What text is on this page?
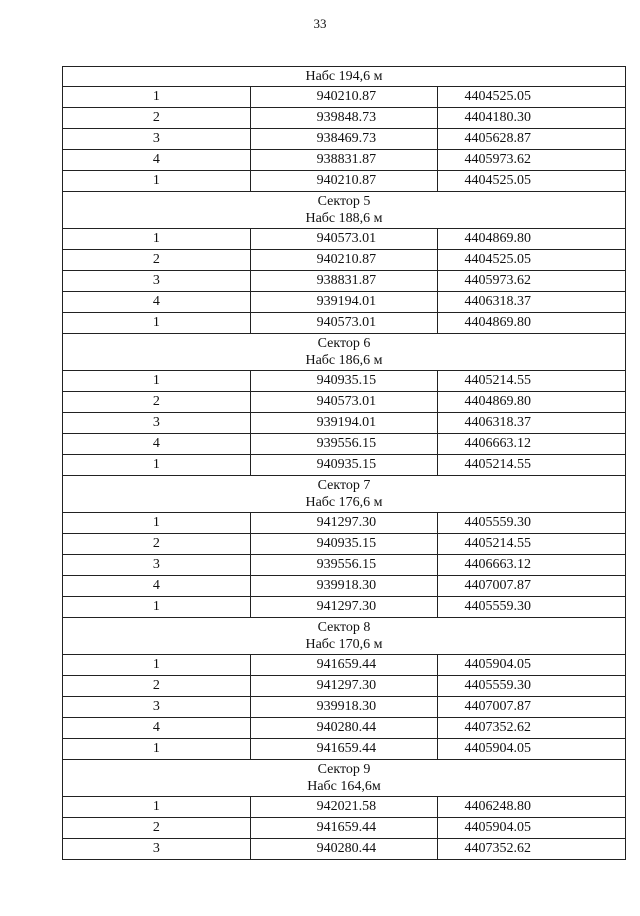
33
Набс 194,6 м		

1	940210.87	4404525.05
2	939848.73	4404180.30
3	938469.73	4405628.87
4	938831.87	4405973.62
1	940210.87	4404525.05

Сектор 5
Набс 188,6 м		

1	940573.01	4404869.80
2	940210.87	4404525.05
3	938831.87	4405973.62
4	939194.01	4406318.37
1	940573.01	4404869.80

Сектор 6
Набс 186,6 м		

1	940935.15	4405214.55
2	940573.01	4404869.80
3	939194.01	4406318.37
4	939556.15	4406663.12
1	940935.15	4405214.55

Сектор 7
Набс 176,6 м		

1	941297.30	4405559.30
2	940935.15	4405214.55
3	939556.15	4406663.12
4	939918.30	4407007.87
1	941297.30	4405559.30

Сектор 8
Набс 170,6 м		

1	941659.44	4405904.05
2	941297.30	4405559.30
3	939918.30	4407007.87
4	940280.44	4407352.62
1	941659.44	4405904.05

Сектор 9
Набс 164,6м		

1	942021.58	4406248.80
2	941659.44	4405904.05
3	940280.44	4407352.62
